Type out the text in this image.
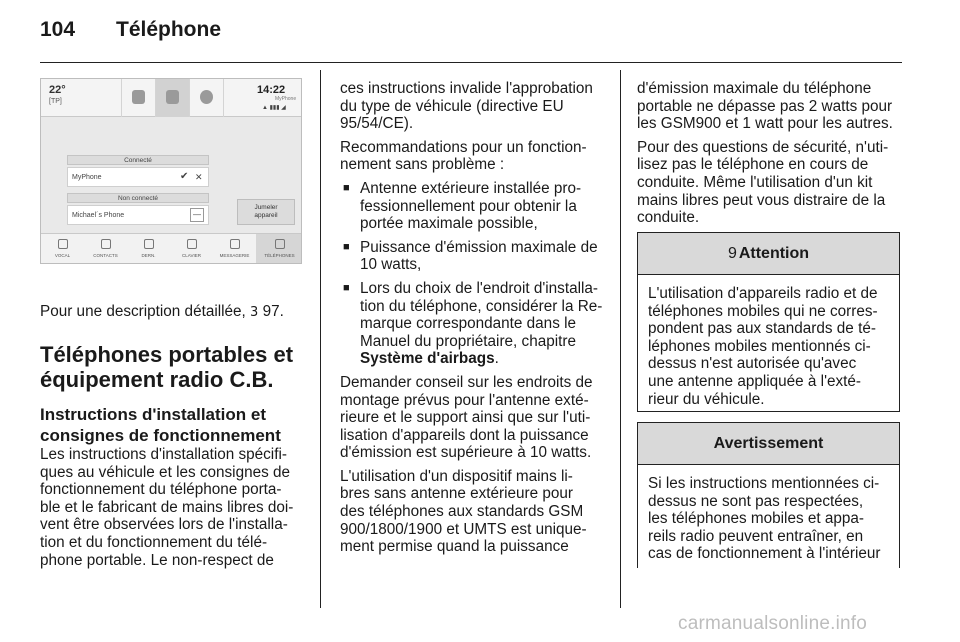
104 Téléphone
22°
[TP]
14:22
MyPhone
▲ ▮▮▮ ◢
Connecté
MyPhone	✔ ✕
Non connecté
Michael´s Phone	—
Jumeler
appareil
VOCAL	CONTACTS	DERN.	CLAVIER	MESSAGERIE	TÉLÉPHONES
Pour une description détaillée, 3 97.
Téléphones portables et
équipement radio C.B.
Instructions d'installation et
consignes de fonctionnement
Les instructions d'installation spécifi-
ques au véhicule et les consignes de
fonctionnement du téléphone porta-
ble et le fabricant de mains libres doi-
vent être observées lors de l'installa-
tion et du fonctionnement du télé-
phone portable. Le non-respect de

ces instructions invalide l'approbation
du type de véhicule (directive EU
95/54/CE).

Recommandations pour un fonction-
nement sans problème :

■ Antenne extérieure installée pro-
fessionnellement pour obtenir la
portée maximale possible,
■ Puissance d'émission maximale de
10 watts,
■ Lors du choix de l'endroit d'installa-
tion du téléphone, considérer la Re-
marque correspondante dans le
Manuel du propriétaire, chapitre
Système d'airbags.

Demander conseil sur les endroits de
montage prévus pour l'antenne exté-
rieure et le support ainsi que sur l'uti-
lisation d'appareils dont la puissance
d'émission est supérieure à 10 watts.

L'utilisation d'un dispositif mains li-
bres sans antenne extérieure pour
des téléphones aux standards GSM
900/1800/1900 et UMTS est unique-
ment permise quand la puissance

d'émission maximale du téléphone
portable ne dépasse pas 2 watts pour
les GSM900 et 1 watt pour les autres.

Pour des questions de sécurité, n'uti-
lisez pas le téléphone en cours de
conduite. Même l'utilisation d'un kit
mains libres peut vous distraire de la
conduite.

9 Attention
L'utilisation d'appareils radio et de
téléphones mobiles qui ne corres-
pondent pas aux standards de té-
léphones mobiles mentionnés ci-
dessus n'est autorisée qu'avec
une antenne appliquée à l'exté-
rieur du véhicule.
Avertissement
Si les instructions mentionnées ci-
dessus ne sont pas respectées,
les téléphones mobiles et appa-
reils radio peuvent entraîner, en
cas de fonctionnement à l'intérieur
carmanualsonline.info
